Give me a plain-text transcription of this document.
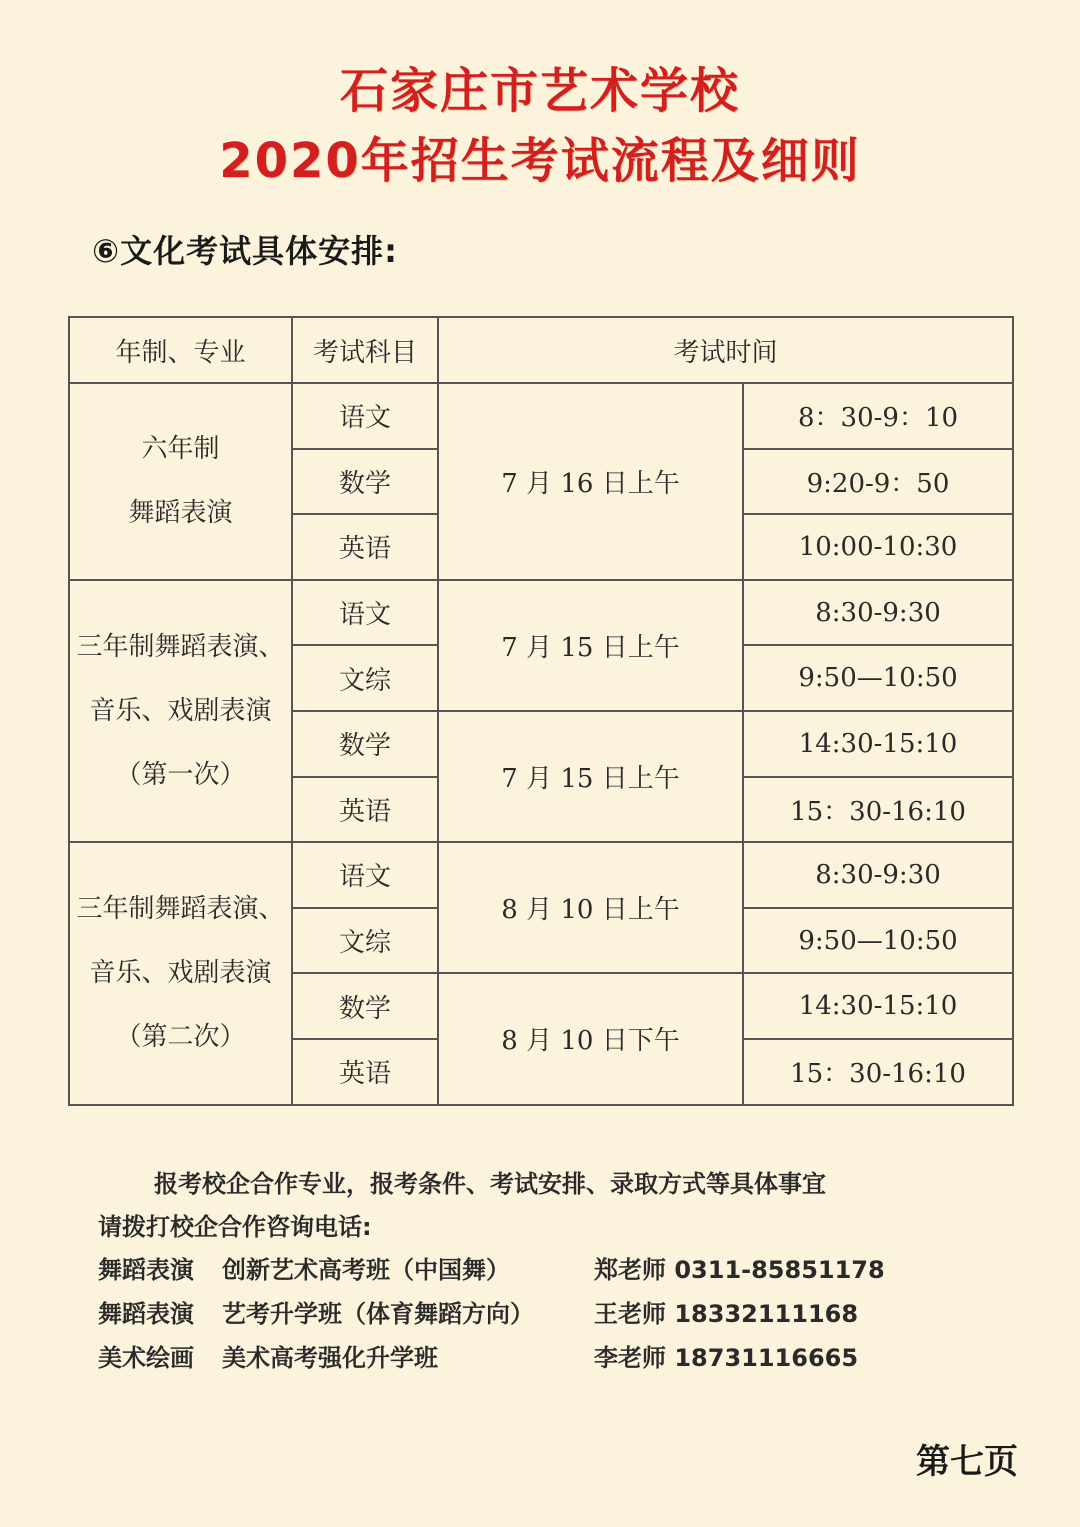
石家庄市艺术学校
2020年招生考试流程及细则
⑥文化考试具体安排:
年制、专业	考试科目	考试时间	
六年制
舞蹈表演	语文	7 月 16 日上午	8：30-9：10
	数学		9:20-9：50
	英语		10:00-10:30
三年制舞蹈表演、音乐、戏剧表演（第一次）	语文	7 月 15 日上午	8:30-9:30
	文综		9:50—10:50
	数学	7 月 15 日上午	14:30-15:10
	英语		15：30-16:10
三年制舞蹈表演、音乐、戏剧表演（第二次）	语文	8 月 10 日上午	8:30-9:30
	文综		9:50—10:50
	数学	8 月 10 日下午	14:30-15:10
	英语		15：30-16:10
报考校企合作专业，报考条件、考试安排、录取方式等具体事宜
请拨打校企合作咨询电话:
舞蹈表演	创新艺术高考班（中国舞）	郑老师 0311-85851178
舞蹈表演	艺考升学班（体育舞蹈方向）	王老师 18332111168
美术绘画	美术高考强化升学班	李老师 18731116665
第七页
